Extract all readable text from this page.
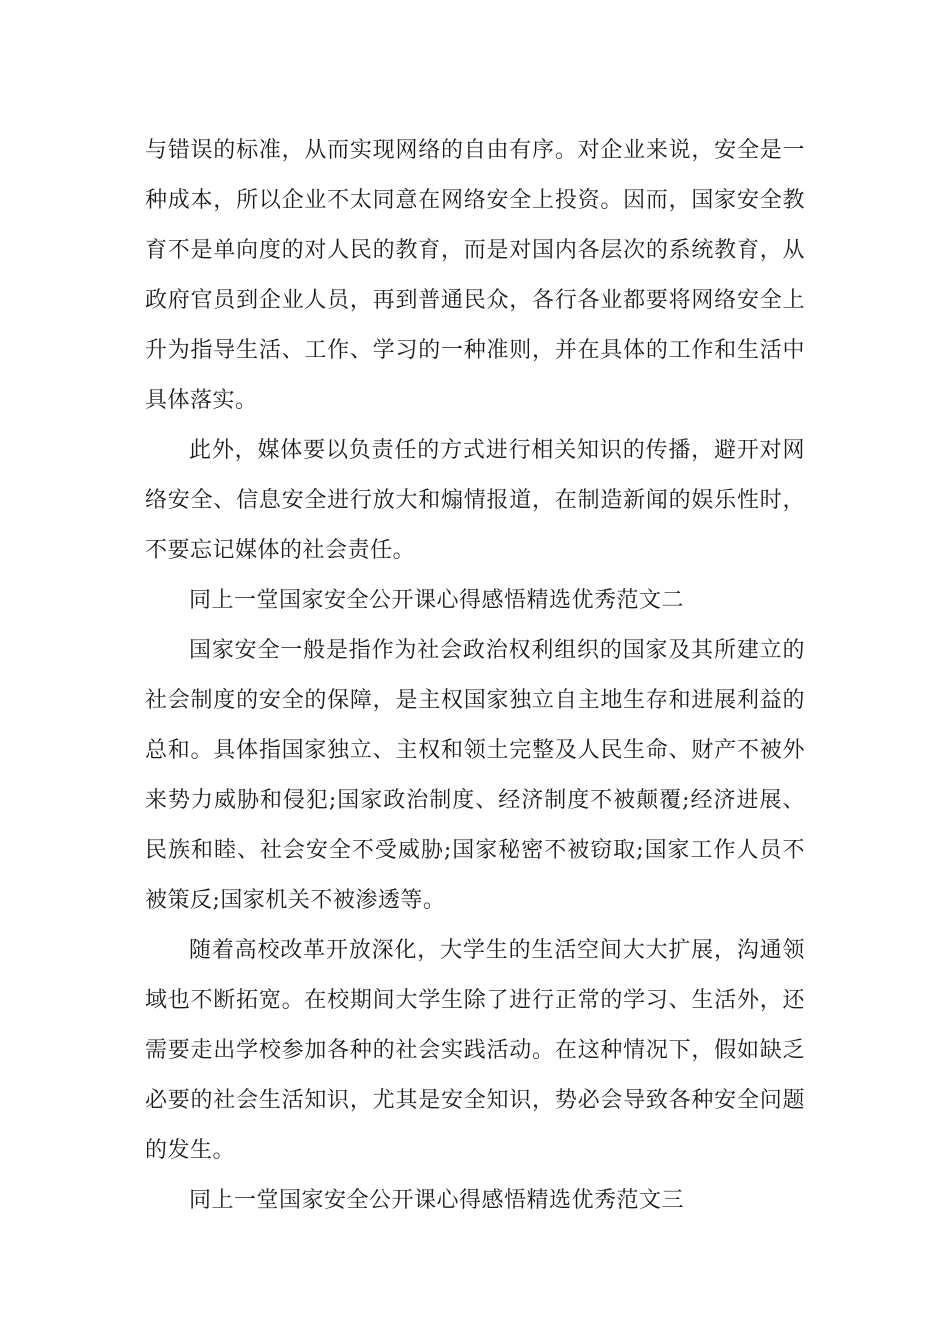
与错误的标准，从而实现网络的自由有序。对企业来说，安全是一种成本，所以企业不太同意在网络安全上投资。因而，国家安全教育不是单向度的对人民的教育，而是对国内各层次的系统教育，从政府官员到企业人员，再到普通民众，各行各业都要将网络安全上升为指导生活、工作、学习的一种准则，并在具体的工作和生活中具体落实。

此外，媒体要以负责任的方式进行相关知识的传播，避开对网络安全、信息安全进行放大和煽情报道，在制造新闻的娱乐性时，不要忘记媒体的社会责任。

同上一堂国家安全公开课心得感悟精选优秀范文二

国家安全一般是指作为社会政治权利组织的国家及其所建立的社会制度的安全的保障，是主权国家独立自主地生存和进展利益的总和。具体指国家独立、主权和领土完整及人民生命、财产不被外来势力威胁和侵犯;国家政治制度、经济制度不被颠覆;经济进展、民族和睦、社会安全不受威胁;国家秘密不被窃取;国家工作人员不被策反;国家机关不被渗透等。

随着高校改革开放深化，大学生的生活空间大大扩展，沟通领域也不断拓宽。在校期间大学生除了进行正常的学习、生活外，还需要走出学校参加各种的社会实践活动。在这种情况下，假如缺乏必要的社会生活知识，尤其是安全知识，势必会导致各种安全问题的发生。

同上一堂国家安全公开课心得感悟精选优秀范文三
